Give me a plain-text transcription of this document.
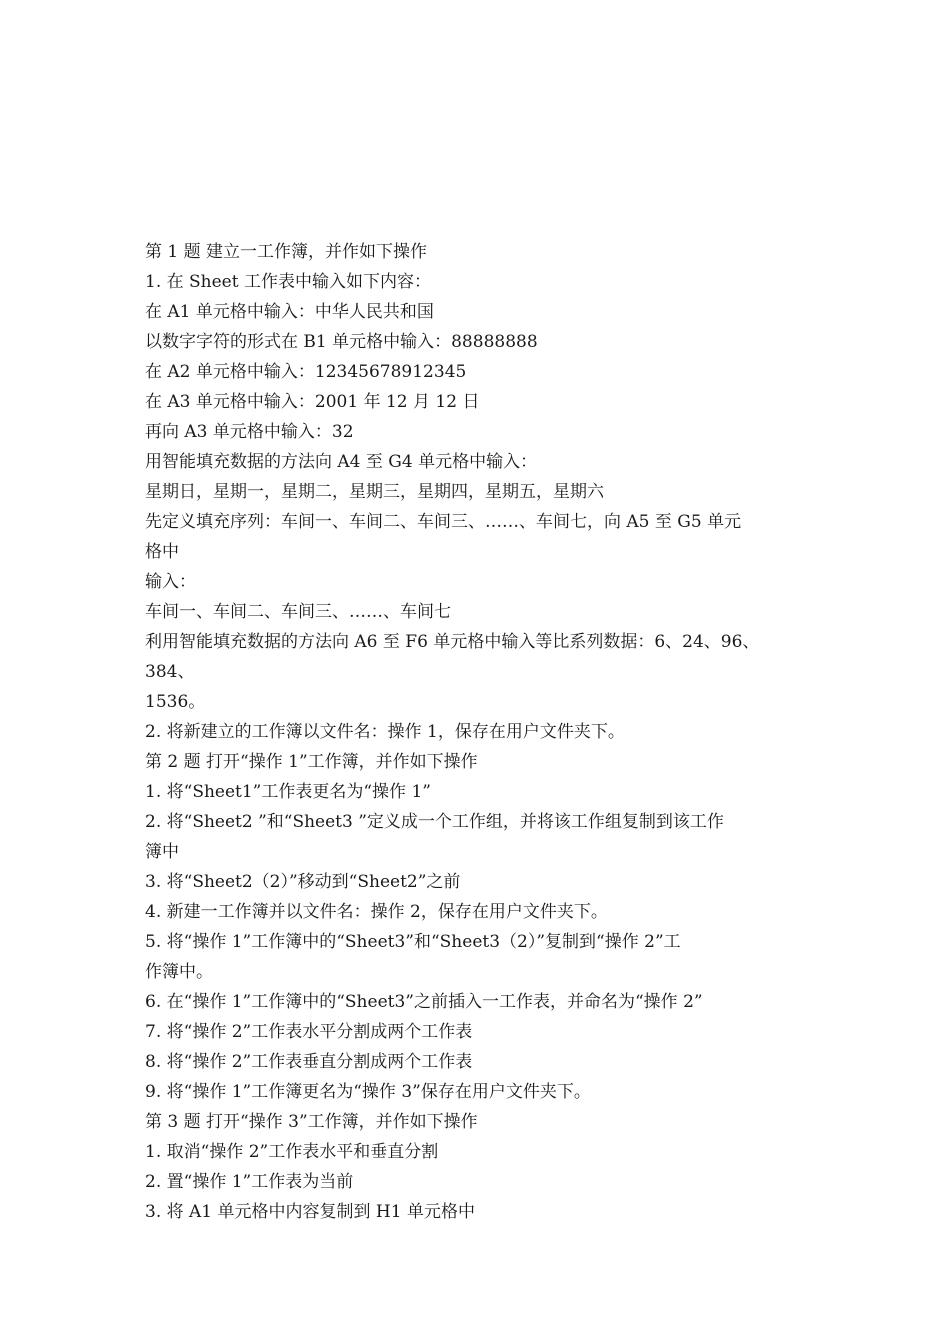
第 1 题 建立一工作簿，并作如下操作
1. 在 Sheet 工作表中输入如下内容：
在 A1 单元格中输入：中华人民共和国
以数字字符的形式在 B1 单元格中输入：88888888
在 A2 单元格中输入：12345678912345
在 A3 单元格中输入：2001 年 12 月 12 日
再向 A3 单元格中输入：32
用智能填充数据的方法向 A4 至 G4 单元格中输入：
星期日，星期一，星期二，星期三，星期四，星期五，星期六
先定义填充序列：车间一、车间二、车间三、……、车间七，向 A5 至 G5 单元
格中
输入：
车间一、车间二、车间三、……、车间七
利用智能填充数据的方法向 A6 至 F6 单元格中输入等比系列数据：6、24、96、
384、
1536。
2. 将新建立的工作簿以文件名：操作 1，保存在用户文件夹下。
第 2 题 打开“操作 1”工作簿，并作如下操作
1. 将“Sheet1”工作表更名为“操作 1”
2. 将“Sheet2 ”和“Sheet3 ”定义成一个工作组，并将该工作组复制到该工作
簿中
3. 将“Sheet2（2）”移动到“Sheet2”之前
4. 新建一工作簿并以文件名：操作 2，保存在用户文件夹下。
5. 将“操作 1”工作簿中的“Sheet3”和“Sheet3（2）”复制到“操作 2”工
作簿中。
6. 在“操作 1”工作簿中的“Sheet3”之前插入一工作表，并命名为“操作 2”
7. 将“操作 2”工作表水平分割成两个工作表
8. 将“操作 2”工作表垂直分割成两个工作表
9. 将“操作 1”工作簿更名为“操作 3”保存在用户文件夹下。
第 3 题 打开“操作 3”工作簿，并作如下操作
1. 取消“操作 2”工作表水平和垂直分割
2. 置“操作 1”工作表为当前
3. 将 A1 单元格中内容复制到 H1 单元格中
